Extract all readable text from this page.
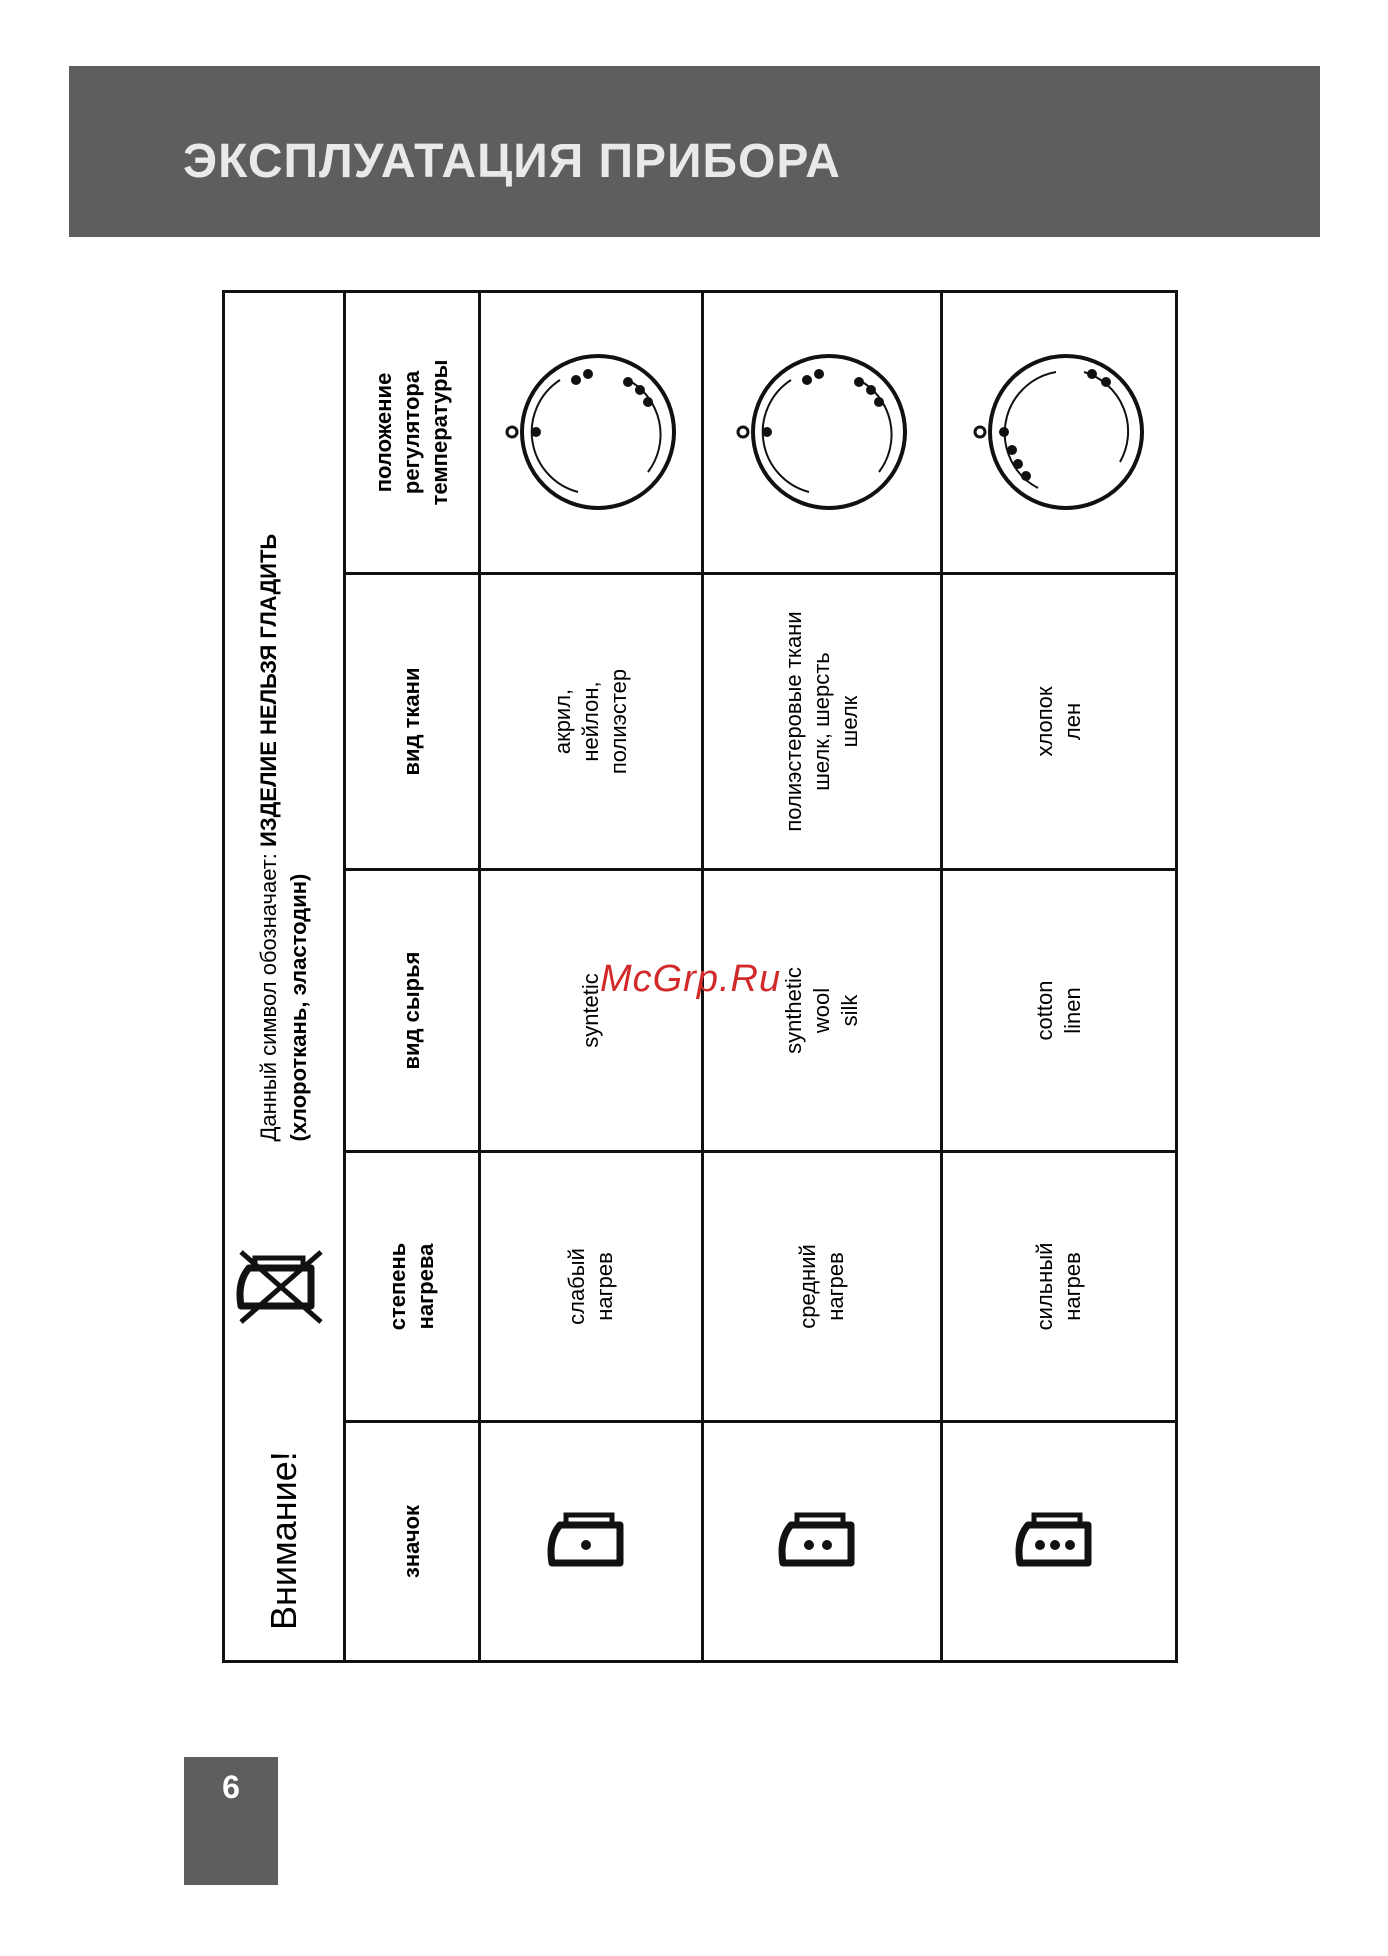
ЭКСПЛУАТАЦИЯ ПРИБОРА
Внимание!		Данный символ обозначает: ИЗДЕЛИЕ НЕЛЬЗЯ ГЛАДИТЬ
(хлороткань, эластодин)		

значок	степень нагрева	вид сырья	вид ткани	положение регулятора температуры

слабый нагрев	syntetic	акрил, нейлон, полиэстер

средний нагрев	synthetic wool silk	полиэстеровые ткани шелк, шерсть шелк

сильный нагрев	cotton linen	хлопок лен

McGrp.Ru
6
